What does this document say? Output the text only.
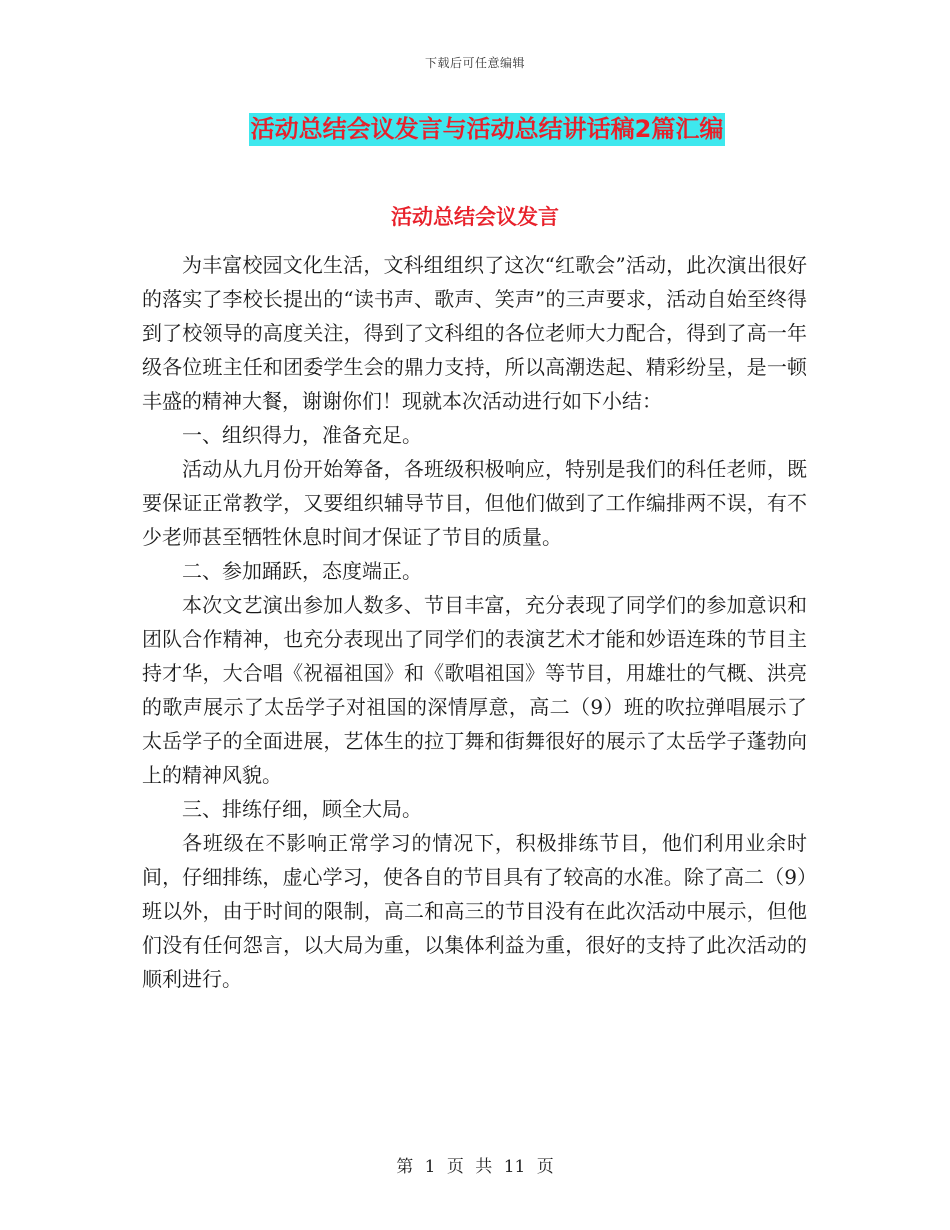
下载后可任意编辑
活动总结会议发言与活动总结讲话稿2篇汇编
活动总结会议发言

为丰富校园文化生活，文科组组织了这次“红歌会”活动，此次演出很好的落实了李校长提出的“读书声、歌声、笑声”的三声要求，活动自始至终得到了校领导的高度关注，得到了文科组的各位老师大力配合，得到了高一年级各位班主任和团委学生会的鼎力支持，所以高潮迭起、精彩纷呈，是一顿丰盛的精神大餐，谢谢你们！现就本次活动进行如下小结：

一、组织得力，准备充足。

活动从九月份开始筹备，各班级积极响应，特别是我们的科任老师，既要保证正常教学，又要组织辅导节目，但他们做到了工作编排两不误，有不少老师甚至牺牲休息时间才保证了节目的质量。

二、参加踊跃，态度端正。

本次文艺演出参加人数多、节目丰富，充分表现了同学们的参加意识和团队合作精神，也充分表现出了同学们的表演艺术才能和妙语连珠的节目主持才华，大合唱《祝福祖国》和《歌唱祖国》等节目，用雄壮的气概、洪亮的歌声展示了太岳学子对祖国的深情厚意，高二（9）班的吹拉弹唱展示了太岳学子的全面进展，艺体生的拉丁舞和街舞很好的展示了太岳学子蓬勃向上的精神风貌。

三、排练仔细，顾全大局。

各班级在不影响正常学习的情况下，积极排练节目，他们利用业余时间，仔细排练，虚心学习，使各自的节目具有了较高的水准。除了高二（9）班以外，由于时间的限制，高二和高三的节目没有在此次活动中展示，但他们没有任何怨言，以大局为重，以集体利益为重，很好的支持了此次活动的顺利进行。

第 1 页 共 11 页
